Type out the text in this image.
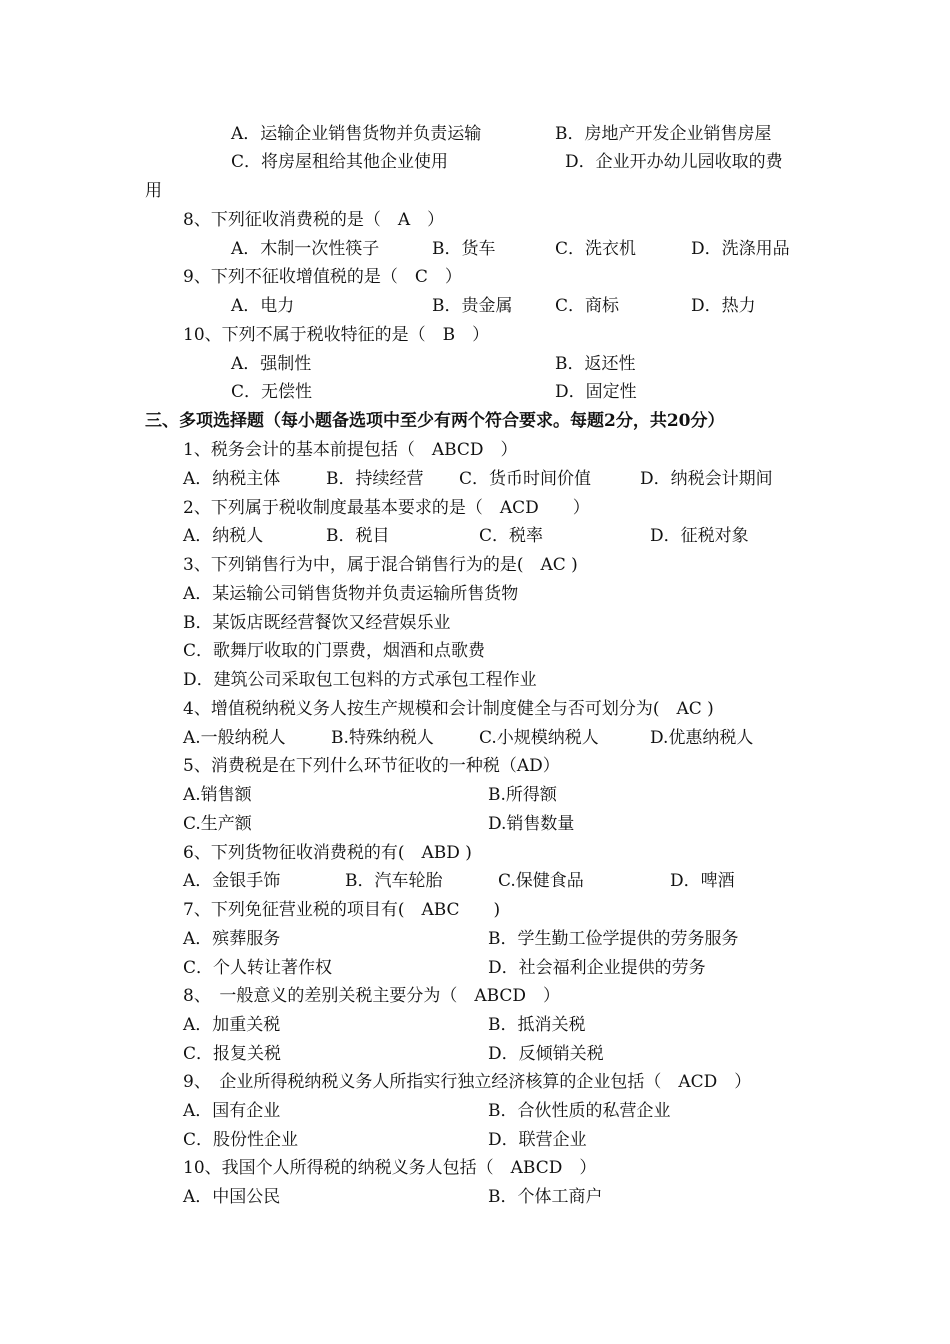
A．运输企业销售货物并负责运输	B．房地产开发企业销售房屋
C．将房屋租给其他企业使用	D．企业开办幼儿园收取的费
用
8、下列征收消费税的是（　A　）
A．木制一次性筷子	B．货车	C．洗衣机	D．洗涤用品
9、下列不征收增值税的是（　C　）
A．电力	B．贵金属	C．商标	D．热力
10、下列不属于税收特征的是（　B　）
A．强制性	B．返还性
C．无偿性	D．固定性
三、多项选择题（每小题备选项中至少有两个符合要求。每题2分，共20分）
1、税务会计的基本前提包括（　ABCD　）
A．纳税主体	B．持续经营 C．货币时间价值	D．纳税会计期间
2、下列属于税收制度最基本要求的是（　ACD　　）
A．纳税人	B．税目	C．税率	D．征税对象
3、下列销售行为中，属于混合销售行为的是(　AC )
A．某运输公司销售货物并负责运输所售货物
B．某饭店既经营餐饮又经营娱乐业
C．歌舞厅收取的门票费，烟酒和点歌费
D．建筑公司采取包工包料的方式承包工程作业
4、增值税纳税义务人按生产规模和会计制度健全与否可划分为(　AC )
A.一般纳税人	B.特殊纳税人	C.小规模纳税人	D.优惠纳税人
5、消费税是在下列什么环节征收的一种税（AD）
A.销售额	B.所得额
C.生产额	D.销售数量
6、下列货物征收消费税的有(　ABD )
A．金银手饰	B．汽车轮胎	C.保健食品	D．啤酒
7、下列免征营业税的项目有(　ABC　　)
A．殡葬服务	B．学生勤工俭学提供的劳务服务
C．个人转让著作权	D．社会福利企业提供的劳务
8、　一般意义的差别关税主要分为（　ABCD　）
A．加重关税	B．抵消关税
C．报复关税	D．反倾销关税
9、　企业所得税纳税义务人所指实行独立经济核算的企业包括（　ACD　）
A．国有企业	B．合伙性质的私营企业
C．股份性企业	D．联营企业
10、我国个人所得税的纳税义务人包括（　ABCD　）
A．中国公民	B．个体工商户
